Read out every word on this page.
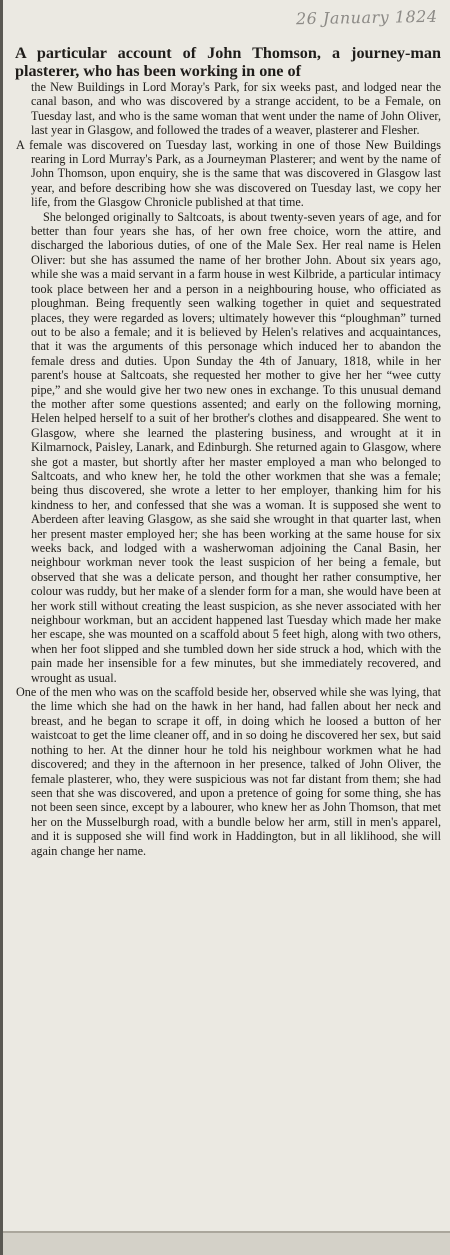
26 January 1824
A particular account of John Thomson, a journey-man plasterer, who has been working in one of
the New Buildings in Lord Moray's Park, for six weeks past, and lodged near the canal bason, and who was discovered by a strange accident, to be a Female, on Tuesday last, and who is the same woman that went under the name of John Oliver, last year in Glasgow, and followed the trades of a weaver, plasterer and Flesher.
A female was discovered on Tuesday last, working in one of those New Buildings rearing in Lord Murray's Park, as a Journeyman Plasterer; and went by the name of John Thomson, upon enquiry, she is the same that was discovered in Glasgow last year, and before describing how she was discovered on Tuesday last, we copy her life, from the Glasgow Chronicle published at that time.
She belonged originally to Saltcoats, is about twenty-seven years of age, and for better than four years she has, of her own free choice, worn the attire, and discharged the laborious duties, of one of the Male Sex. Her real name is Helen Oliver: but she has assumed the name of her brother John. About six years ago, while she was a maid servant in a farm house in west Kilbride, a particular intimacy took place between her and a person in a neighbouring house, who officiated as ploughman. Being frequently seen walking together in quiet and sequestrated places, they were regarded as lovers; ultimately however this “ploughman” turned out to be also a female; and it is believed by Helen's relatives and acquaintances, that it was the arguments of this personage which induced her to abandon the female dress and duties. Upon Sunday the 4th of January, 1818, while in her parent's house at Saltcoats, she requested her mother to give her her “wee cutty pipe,” and she would give her two new ones in exchange. To this unusual demand the mother after some questions assented; and early on the following morning, Helen helped herself to a suit of her brother's clothes and disappeared. She went to Glasgow, where she learned the plastering business, and wrought at it in Kilmarnock, Paisley, Lanark, and Edinburgh. She returned again to Glasgow, where she got a master, but shortly after her master employed a man who belonged to Saltcoats, and who knew her, he told the other workmen that she was a female; being thus discovered, she wrote a letter to her employer, thanking him for his kindness to her, and confessed that she was a woman. It is supposed she went to Aberdeen after leaving Glasgow, as she said she wrought in that quarter last, when her present master employed her; she has been working at the same house for six weeks back, and lodged with a washerwoman adjoining the Canal Basin, her neighbour workman never took the least suspicion of her being a female, but observed that she was a delicate person, and thought her rather consumptive, her colour was ruddy, but her make of a slender form for a man, she would have been at her work still without creating the least suspicion, as she never associated with her neighbour workman, but an accident happened last Tuesday which made her make her escape, she was mounted on a scaffold about 5 feet high, along with two others, when her foot slipped and she tumbled down her side struck a hod, which with the pain made her insensible for a few minutes, but she immediately recovered, and wrought as usual.
One of the men who was on the scaffold beside her, observed while she was lying, that the lime which she had on the hawk in her hand, had fallen about her neck and breast, and he began to scrape it off, in doing which he loosed a button of her waistcoat to get the lime cleaner off, and in so doing he discovered her sex, but said nothing to her. At the dinner hour he told his neighbour workmen what he had discovered; and they in the afternoon in her presence, talked of John Oliver, the female plasterer, who, they were suspicious was not far distant from them; she had seen that she was discovered, and upon a pretence of going for some thing, she has not been seen since, except by a labourer, who knew her as John Thomson, that met her on the Musselburgh road, with a bundle below her arm, still in men's apparel, and it is supposed she will find work in Haddington, but in all liklihood, she will again change her name.
